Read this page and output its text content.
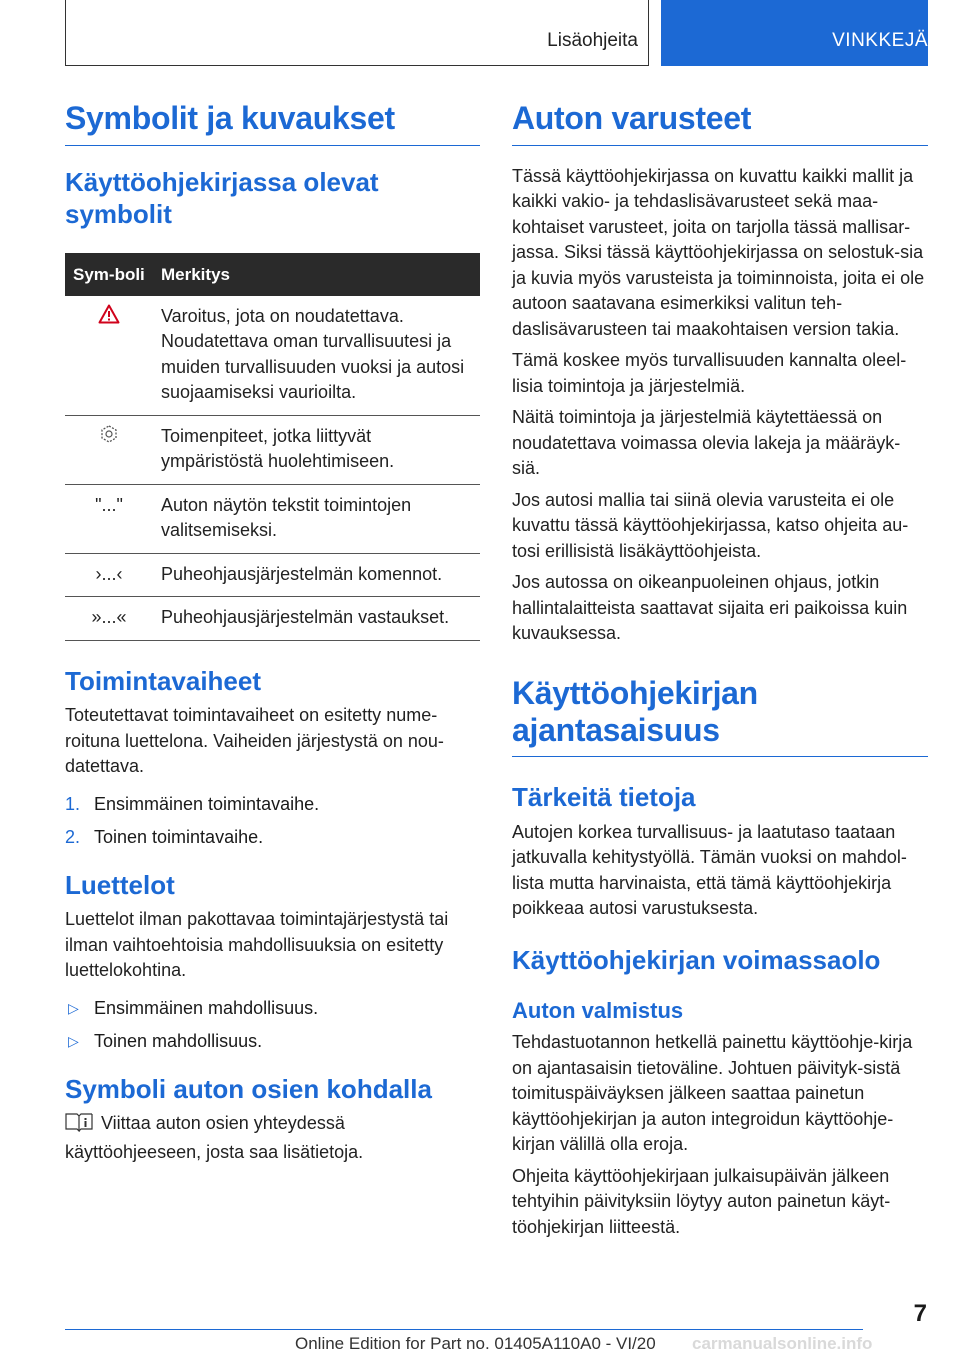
Lisäohjeita	VINKKEJÄ
Symbolit ja kuvaukset
Käyttöohjekirjassa olevat symbolit
Sym-boli	Merkitys
	Varoitus, jota on noudatettava. Noudatettava oman turvallisuutesi ja muiden turvallisuuden vuoksi ja autosi suojaamiseksi vaurioilta.
	Toimenpiteet, jotka liittyvät ympäristöstä huolehtimiseen.
"..."	Auton näytön tekstit toimintojen valitsemiseksi.
›...‹	Puheohjausjärjestelmän komennot.
»...«	Puheohjausjärjestelmän vastaukset.
Toimintavaiheet

Toteutettavat toimintavaiheet on esitetty nume-roituna luettelona. Vaiheiden järjestystä on nou-datettava.

1. Ensimmäinen toimintavaihe.
2. Toinen toimintavaihe.
Luettelot

Luettelot ilman pakottavaa toimintajärjestystä tai ilman vaihtoehtoisia mahdollisuuksia on esitetty luettelokohtina.

▷ Ensimmäinen mahdollisuus.
▷ Toinen mahdollisuus.
Symboli auton osien kohdalla

Viittaa auton osien yhteydessä käyttöohjeeseen, josta saa lisätietoja.

Auton varusteet

Tässä käyttöohjekirjassa on kuvattu kaikki mallit ja kaikki vakio- ja tehdaslisävarusteet sekä maa-kohtaiset varusteet, joita on tarjolla tässä mallisar-jassa. Siksi tässä käyttöohjekirjassa on selostuk-sia ja kuvia myös varusteista ja toiminnoista, joita ei ole autoon saatavana esimerkiksi valitun teh-daslisävarusteen tai maakohtaisen version takia.

Tämä koskee myös turvallisuuden kannalta oleel-lisia toimintoja ja järjestelmiä.

Näitä toimintoja ja järjestelmiä käytettäessä on noudatettava voimassa olevia lakeja ja määräyk-siä.

Jos autosi mallia tai siinä olevia varusteita ei ole kuvattu tässä käyttöohjekirjassa, katso ohjeita au-tosi erillisistä lisäkäyttöohjeista.

Jos autossa on oikeanpuoleinen ohjaus, jotkin hallintalaitteista saattavat sijaita eri paikoissa kuin kuvauksessa.

Käyttöohjekirjan ajantasaisuus
Tärkeitä tietoja

Autojen korkea turvallisuus- ja laatutaso taataan jatkuvalla kehitystyöllä. Tämän vuoksi on mahdol-lista mutta harvinaista, että tämä käyttöohjekirja poikkeaa autosi varustuksesta.

Käyttöohjekirjan voimassaolo
Auton valmistus

Tehdastuotannon hetkellä painettu käyttöohje-kirja on ajantasaisin tietoväline. Johtuen päivityk-sistä toimituspäiväyksen jälkeen saattaa painetun käyttöohjekirjan ja auton integroidun käyttöohje-kirjan välillä olla eroja.

Ohjeita käyttöohjekirjaan julkaisupäivän jälkeen tehtyihin päivityksiin löytyy auton painetun käyt-töohjekirjan liitteestä.

7
Online Edition for Part no. 01405A110A0 - VI/20 carmanualsonline.info
